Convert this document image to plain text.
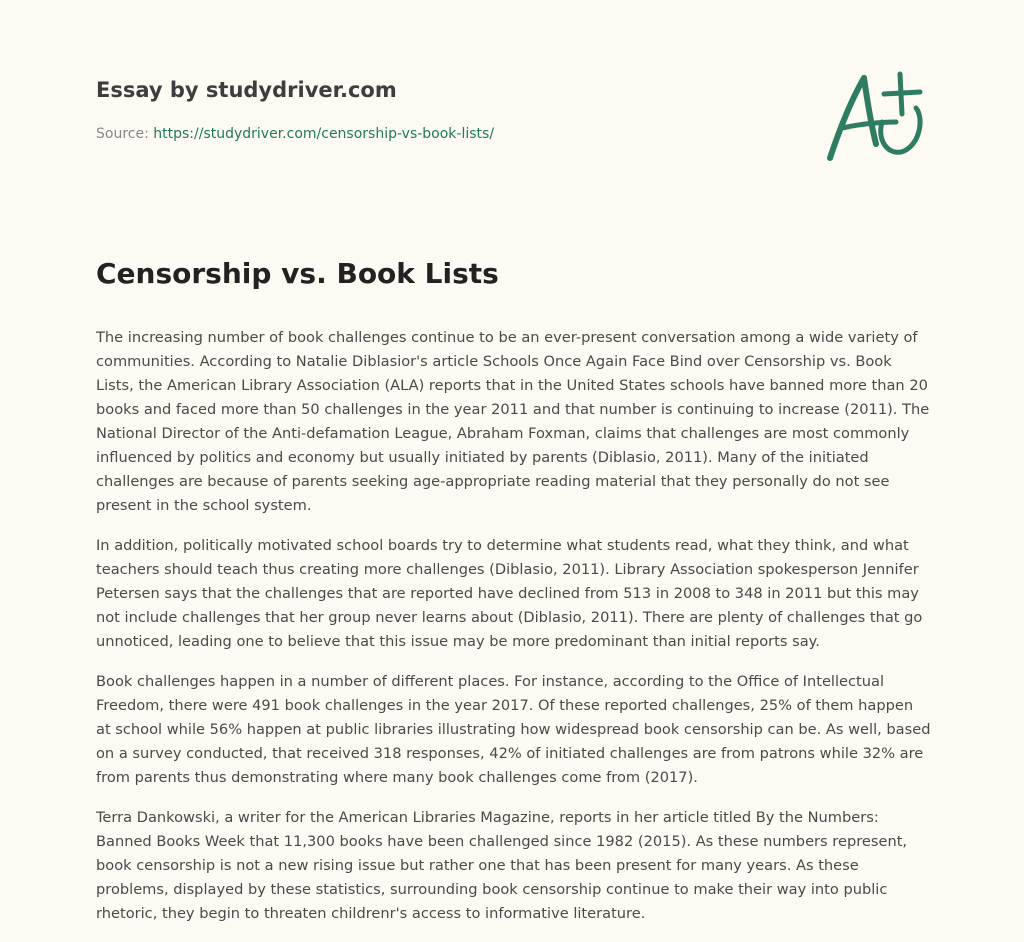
Essay by studydriver.com
Source: https://studydriver.com/censorship-vs-book-lists/
Censorship vs. Book Lists

The increasing number of book challenges continue to be an ever-present conversation among a wide variety of communities. According to Natalie Diblasior's article Schools Once Again Face Bind over Censorship vs. Book Lists, the American Library Association (ALA) reports that in the United States schools have banned more than 20 books and faced more than 50 challenges in the year 2011 and that number is continuing to increase (2011). The National Director of the Anti-defamation League, Abraham Foxman, claims that challenges are most commonly influenced by politics and economy but usually initiated by parents (Diblasio, 2011). Many of the initiated challenges are because of parents seeking age-appropriate reading material that they personally do not see present in the school system.

In addition, politically motivated school boards try to determine what students read, what they think, and what teachers should teach thus creating more challenges (Diblasio, 2011). Library Association spokesperson Jennifer Petersen says that the challenges that are reported have declined from 513 in 2008 to 348 in 2011 but this may not include challenges that her group never learns about (Diblasio, 2011). There are plenty of challenges that go unnoticed, leading one to believe that this issue may be more predominant than initial reports say.

Book challenges happen in a number of different places. For instance, according to the Office of Intellectual Freedom, there were 491 book challenges in the year 2017. Of these reported challenges, 25% of them happen at school while 56% happen at public libraries illustrating how widespread book censorship can be. As well, based on a survey conducted, that received 318 responses, 42% of initiated challenges are from patrons while 32% are from parents thus demonstrating where many book challenges come from (2017).

Terra Dankowski, a writer for the American Libraries Magazine, reports in her article titled By the Numbers: Banned Books Week that 11,300 books have been challenged since 1982 (2015). As these numbers represent, book censorship is not a new rising issue but rather one that has been present for many years. As these problems, displayed by these statistics, surrounding book censorship continue to make their way into public rhetoric, they begin to threaten childrenr's access to informative literature.
